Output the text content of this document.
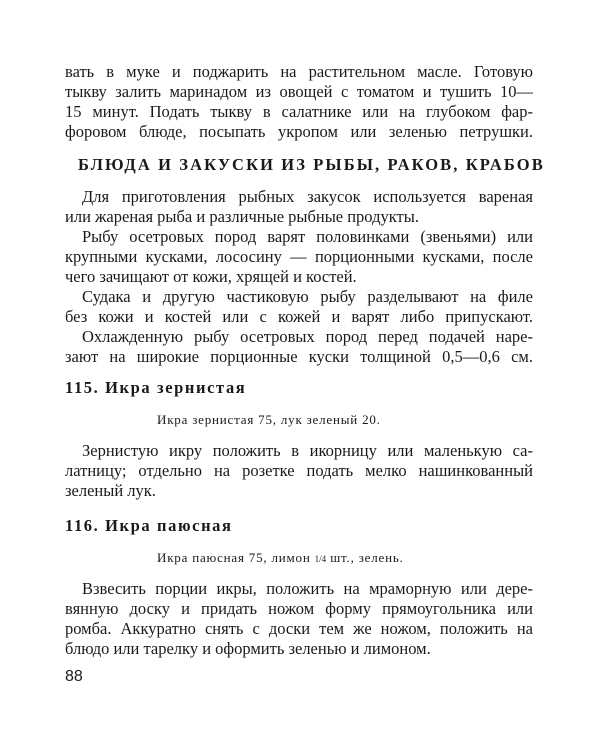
вать в муке и поджарить на растительном масле. Готовую
тыкву залить маринадом из овощей с томатом и тушить 10—
15 минут. Подать тыкву в салатнике или на глубоком фар-
форовом блюде, посыпать укропом или зеленью петрушки.
БЛЮДА И ЗАКУСКИ ИЗ РЫБЫ, РАКОВ, КРАБОВ
Для приготовления рыбных закусок используется вареная
или жареная рыба и различные рыбные продукты.
Рыбу осетровых пород варят половинками (звеньями) или
крупными кусками, лососину — порционными кусками, после
чего зачищают от кожи, хрящей и костей.
Судака и другую частиковую рыбу разделывают на филе
без кожи и костей или с кожей и варят либо припускают.
Охлажденную рыбу осетровых пород перед подачей наре-
зают на широкие порционные куски толщиной 0,5—0,6 см.
115. Икра зернистая
Икра зернистая 75, лук зеленый 20.
Зернистую икру положить в икорницу или маленькую са-
латницу; отдельно на розетке подать мелко нашинкованный
зеленый лук.
116. Икра паюсная
Икра паюсная 75, лимон 1/4 шт., зелень.
Взвесить порции икры, положить на мраморную или дере-
вянную доску и придать ножом форму прямоугольника или
ромба. Аккуратно снять с доски тем же ножом, положить на
блюдо или тарелку и оформить зеленью и лимоном.
88
